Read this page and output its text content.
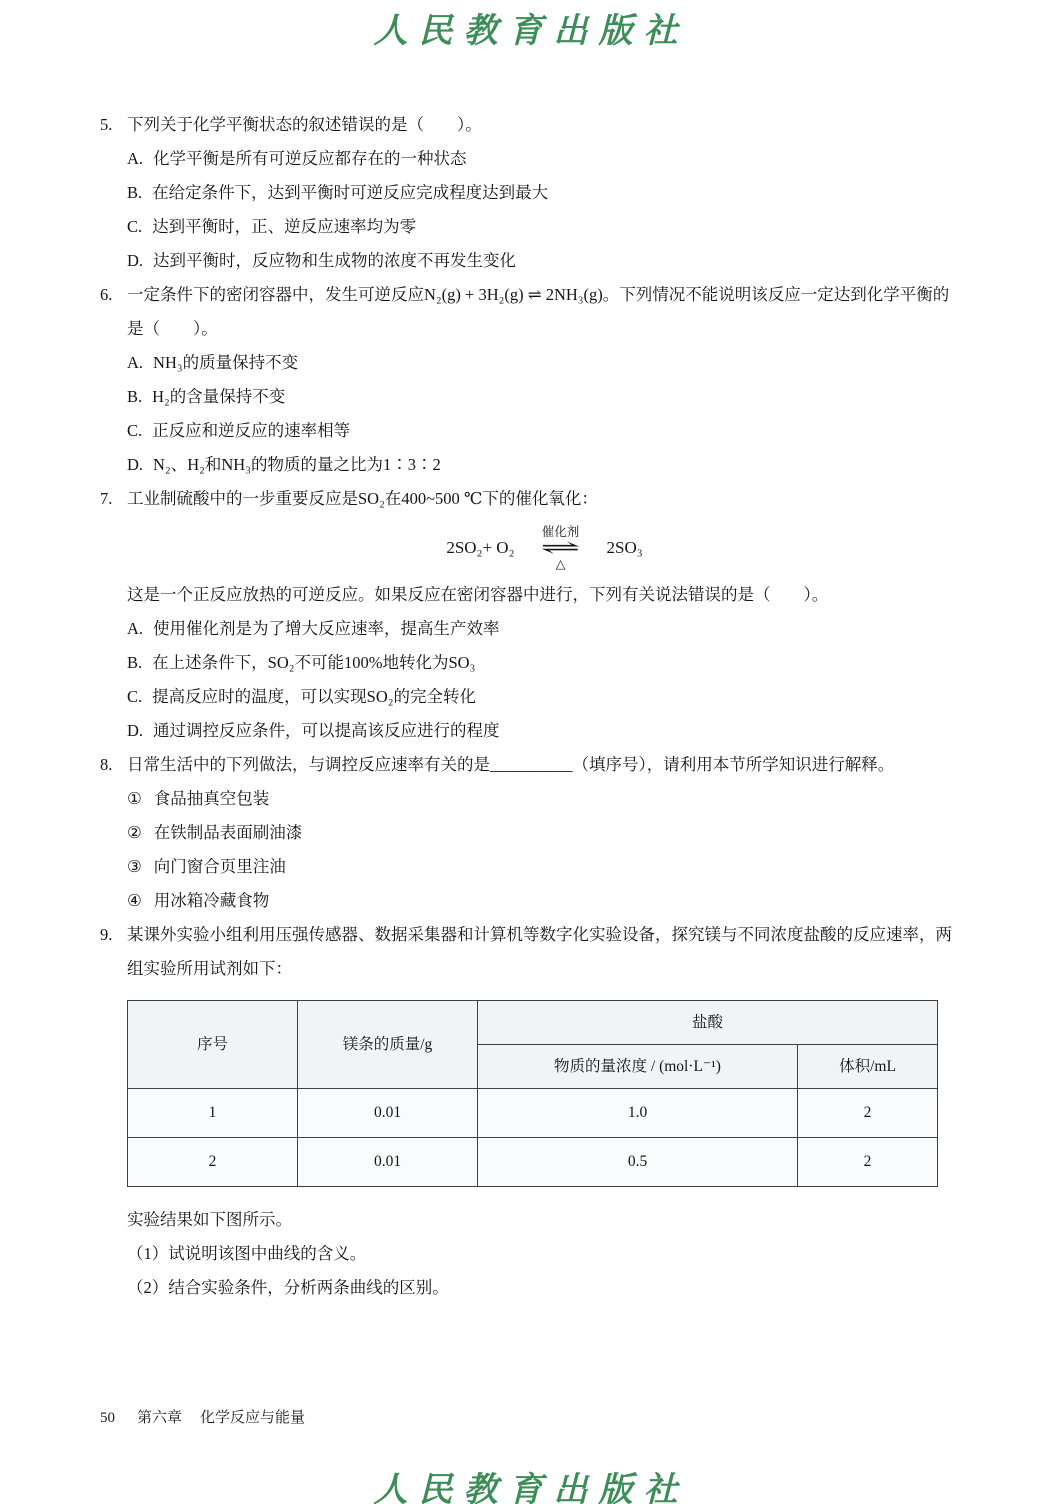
人民教育出版社
5. 下列关于化学平衡状态的叙述错误的是（　　）。
A. 化学平衡是所有可逆反应都存在的一种状态
B. 在给定条件下，达到平衡时可逆反应完成程度达到最大
C. 达到平衡时，正、逆反应速率均为零
D. 达到平衡时，反应物和生成物的浓度不再发生变化
6. 一定条件下的密闭容器中，发生可逆反应N₂(g) + 3H₂(g) ⇌ 2NH₃(g)。下列情况不能说明该反应一定达到化学平衡的是（　　）。
A. NH₃的质量保持不变
B. H₂的含量保持不变
C. 正反应和逆反应的速率相等
D. N₂、H₂和NH₃的物质的量之比为1∶3∶2
7. 工业制硫酸中的一步重要反应是SO₂在400~500 ℃下的催化氧化：
2SO₂+ O₂
催化剂
⇌
△
2SO₃
这是一个正反应放热的可逆反应。如果反应在密闭容器中进行，下列有关说法错误的是（　　）。
A. 使用催化剂是为了增大反应速率，提高生产效率
B. 在上述条件下，SO₂不可能100%地转化为SO₃
C. 提高反应时的温度，可以实现SO₂的完全转化
D. 通过调控反应条件，可以提高该反应进行的程度
8. 日常生活中的下列做法，与调控反应速率有关的是__________（填序号），请利用本节所学知识进行解释。
① 食品抽真空包装
② 在铁制品表面刷油漆
③ 向门窗合页里注油
④ 用冰箱冷藏食物
9. 某课外实验小组利用压强传感器、数据采集器和计算机等数字化实验设备，探究镁与不同浓度盐酸的反应速率，两组实验所用试剂如下：
序号	镁条的质量/g	盐酸	
		物质的量浓度 / (mol·L⁻¹)	体积/mL
1	0.01	1.0	2
2	0.01	0.5	2
实验结果如下图所示。
（1）试说明该图中曲线的含义。
（2）结合实验条件，分析两条曲线的区别。
50 第六章 化学反应与能量
人民教育出版社
